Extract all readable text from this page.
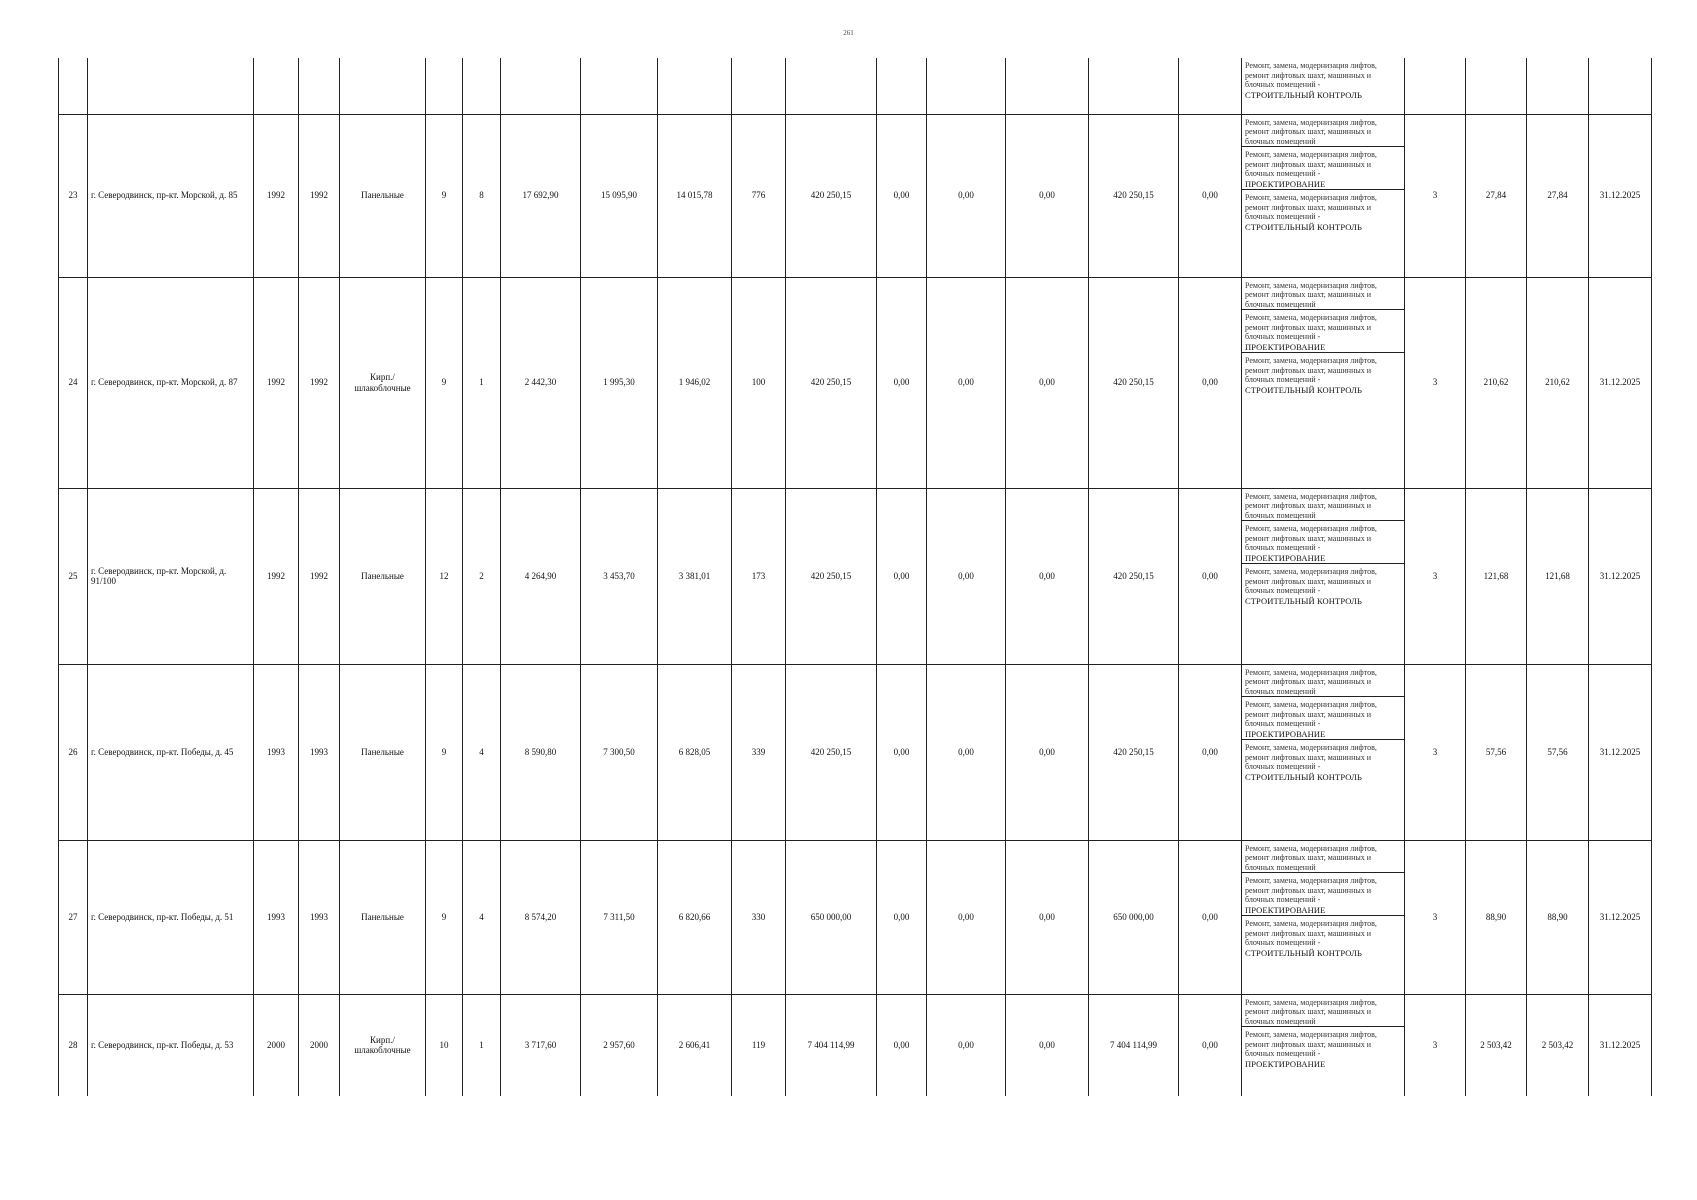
261

																	Ремонт, замена, модернизация лифтов, ремонт лифтовых шахт, машинных и блочных помещений -
СТРОИТЕЛЬНЫЙ КОНТРОЛЬ				

23	г. Северодвинск, пр-кт. Морской, д. 85	1992	1992	Панельные	9	8	17 692,90	15 095,90	14 015,78	776	420 250,15	0,00	0,00	0,00	420 250,15	0,00	Ремонт, замена, модернизация лифтов, ремонт лифтовых шахт, машинных и блочных помещений
Ремонт, замена, модернизация лифтов, ремонт лифтовых шахт, машинных и блочных помещений -
ПРОЕКТИРОВАНИЕ
Ремонт, замена, модернизация лифтов, ремонт лифтовых шахт, машинных и блочных помещений -
СТРОИТЕЛЬНЫЙ КОНТРОЛЬ	3	27,84	27,84	31.12.2025
24	г. Северодвинск, пр-кт. Морской, д. 87	1992	1992	Кирп./ шлакоблочные	9	1	2 442,30	1 995,30	1 946,02	100	420 250,15	0,00	0,00	0,00	420 250,15	0,00	Ремонт, замена, модернизация лифтов, ремонт лифтовых шахт, машинных и блочных помещений
Ремонт, замена, модернизация лифтов, ремонт лифтовых шахт, машинных и блочных помещений -
ПРОЕКТИРОВАНИЕ
Ремонт, замена, модернизация лифтов, ремонт лифтовых шахт, машинных и блочных помещений -
СТРОИТЕЛЬНЫЙ КОНТРОЛЬ	3	210,62	210,62	31.12.2025
25	г. Северодвинск, пр-кт. Морской, д. 91/100	1992	1992	Панельные	12	2	4 264,90	3 453,70	3 381,01	173	420 250,15	0,00	0,00	0,00	420 250,15	0,00	Ремонт, замена, модернизация лифтов, ремонт лифтовых шахт, машинных и блочных помещений
Ремонт, замена, модернизация лифтов, ремонт лифтовых шахт, машинных и блочных помещений -
ПРОЕКТИРОВАНИЕ
Ремонт, замена, модернизация лифтов, ремонт лифтовых шахт, машинных и блочных помещений -
СТРОИТЕЛЬНЫЙ КОНТРОЛЬ	3	121,68	121,68	31.12.2025
26	г. Северодвинск, пр-кт. Победы, д. 45	1993	1993	Панельные	9	4	8 590,80	7 300,50	6 828,05	339	420 250,15	0,00	0,00	0,00	420 250,15	0,00	Ремонт, замена, модернизация лифтов, ремонт лифтовых шахт, машинных и блочных помещений
Ремонт, замена, модернизация лифтов, ремонт лифтовых шахт, машинных и блочных помещений -
ПРОЕКТИРОВАНИЕ
Ремонт, замена, модернизация лифтов, ремонт лифтовых шахт, машинных и блочных помещений -
СТРОИТЕЛЬНЫЙ КОНТРОЛЬ	3	57,56	57,56	31.12.2025
27	г. Северодвинск, пр-кт. Победы, д. 51	1993	1993	Панельные	9	4	8 574,20	7 311,50	6 820,66	330	650 000,00	0,00	0,00	0,00	650 000,00	0,00	Ремонт, замена, модернизация лифтов, ремонт лифтовых шахт, машинных и блочных помещений
Ремонт, замена, модернизация лифтов, ремонт лифтовых шахт, машинных и блочных помещений -
ПРОЕКТИРОВАНИЕ
Ремонт, замена, модернизация лифтов, ремонт лифтовых шахт, машинных и блочных помещений -
СТРОИТЕЛЬНЫЙ КОНТРОЛЬ	3	88,90	88,90	31.12.2025
28	г. Северодвинск, пр-кт. Победы, д. 53	2000	2000	Кирп./ шлакоблочные	10	1	3 717,60	2 957,60	2 606,41	119	7 404 114,99	0,00	0,00	0,00	7 404 114,99	0,00	Ремонт, замена, модернизация лифтов, ремонт лифтовых шахт, машинных и блочных помещений
Ремонт, замена, модернизация лифтов, ремонт лифтовых шахт, машинных и блочных помещений -
ПРОЕКТИРОВАНИЕ	3	2 503,42	2 503,42	31.12.2025
